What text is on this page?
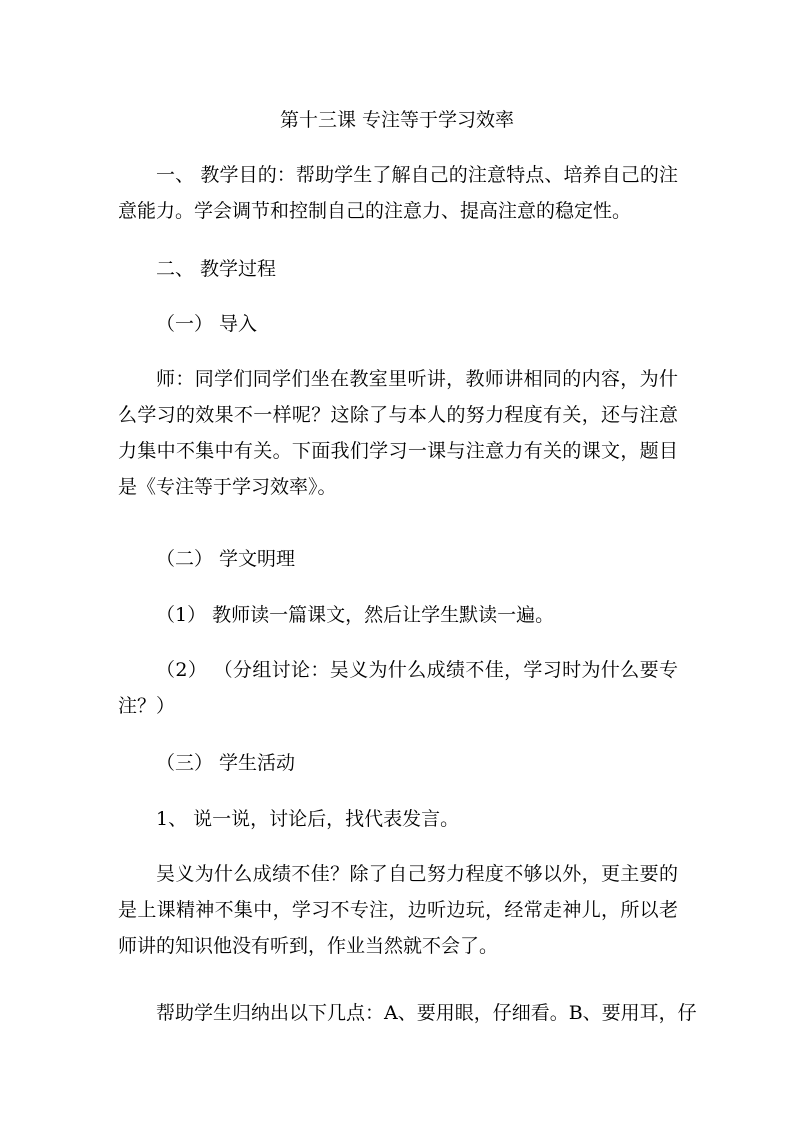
第十三课 专注等于学习效率
一、 教学目的：帮助学生了解自己的注意特点、培养自己的注意能力。学会调节和控制自己的注意力、提高注意的稳定性。
二、 教学过程
（一） 导入
师：同学们同学们坐在教室里听讲，教师讲相同的内容，为什么学习的效果不一样呢？这除了与本人的努力程度有关，还与注意力集中不集中有关。下面我们学习一课与注意力有关的课文，题目是《专注等于学习效率》。
（二） 学文明理
（1） 教师读一篇课文，然后让学生默读一遍。
（2） （分组讨论：吴义为什么成绩不佳，学习时为什么要专注？）
（三） 学生活动
1、 说一说，讨论后，找代表发言。
吴义为什么成绩不佳？除了自己努力程度不够以外，更主要的是上课精神不集中，学习不专注，边听边玩，经常走神儿，所以老师讲的知识他没有听到，作业当然就不会了。
帮助学生归纳出以下几点：A、要用眼，仔细看。B、要用耳，仔
